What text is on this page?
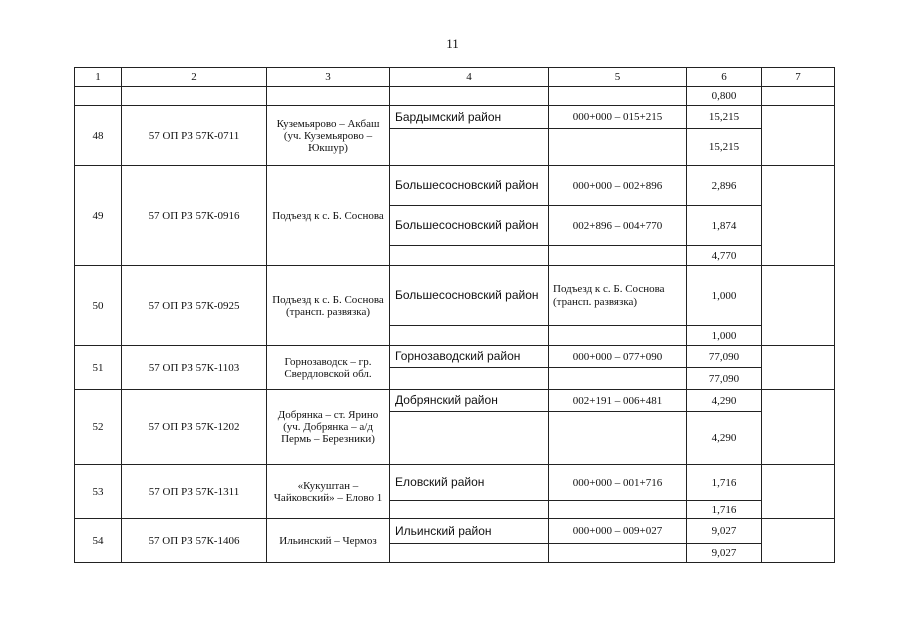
11
1	2	3	4	5	6	7
					0,800	
48	57 ОП РЗ 57К-0711	Куземьярово – Акбаш (уч. Куземьярово – Юкшур)	Бардымский район	000+000 – 015+215	15,215	
					15,215	
49	57 ОП РЗ 57К-0916	Подъезд к с. Б. Соснова	Большесосновский район	000+000 – 002+896	2,896	
			Большесосновский район	002+896 – 004+770	1,874	
					4,770	
50	57 ОП РЗ 57К-0925	Подъезд к с. Б. Соснова (трансп. развязка)	Большесосновский район	Подъезд к с. Б. Соснова (трансп. развязка)	1,000	
					1,000	
51	57 ОП РЗ 57К-1103	Горнозаводск – гр. Свердловской обл.	Горнозаводский район	000+000 – 077+090	77,090	
					77,090	
52	57 ОП РЗ 57К-1202	Добрянка – ст. Ярино (уч. Добрянка – а/д Пермь – Березники)	Добрянский район	002+191 – 006+481	4,290	
					4,290	
53	57 ОП РЗ 57К-1311	«Кукуштан – Чайковский» – Елово 1	Еловский район	000+000 – 001+716	1,716	
					1,716	
54	57 ОП РЗ 57К-1406	Ильинский – Чермоз	Ильинский район	000+000 – 009+027	9,027	
					9,027	
